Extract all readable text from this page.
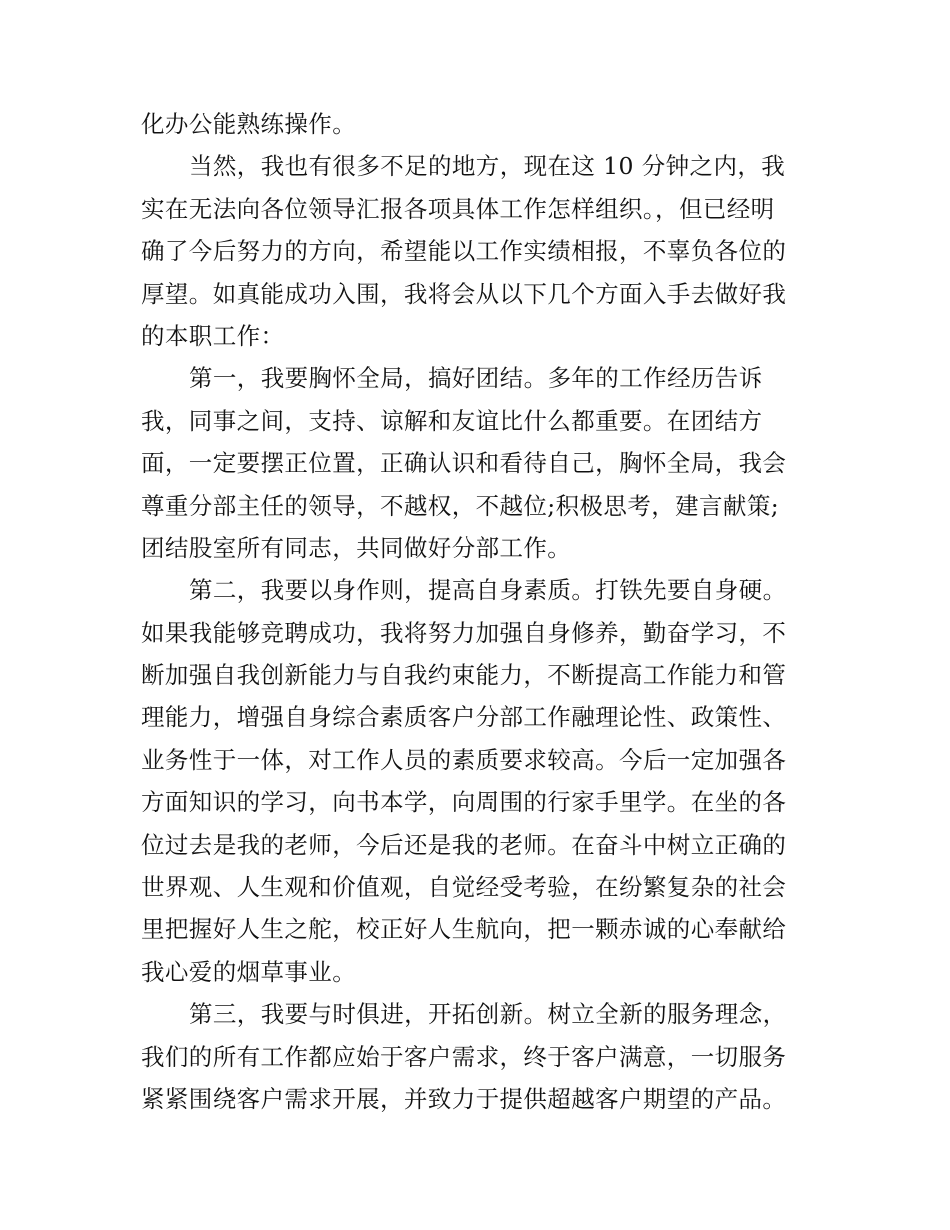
化办公能熟练操作。
当然，我也有很多不足的地方，现在这 10 分钟之内，我
实在无法向各位领导汇报各项具体工作怎样组织。，但已经明
确了今后努力的方向，希望能以工作实绩相报，不辜负各位的
厚望。如真能成功入围，我将会从以下几个方面入手去做好我
的本职工作：
第一，我要胸怀全局，搞好团结。多年的工作经历告诉
我，同事之间，支持、谅解和友谊比什么都重要。在团结方
面，一定要摆正位置，正确认识和看待自己，胸怀全局，我会
尊重分部主任的领导，不越权，不越位;积极思考，建言献策;
团结股室所有同志，共同做好分部工作。
第二，我要以身作则，提高自身素质。打铁先要自身硬。
如果我能够竞聘成功，我将努力加强自身修养，勤奋学习，不
断加强自我创新能力与自我约束能力，不断提高工作能力和管
理能力，增强自身综合素质客户分部工作融理论性、政策性、
业务性于一体，对工作人员的素质要求较高。今后一定加强各
方面知识的学习，向书本学，向周围的行家手里学。在坐的各
位过去是我的老师，今后还是我的老师。在奋斗中树立正确的
世界观、人生观和价值观，自觉经受考验，在纷繁复杂的社会
里把握好人生之舵，校正好人生航向，把一颗赤诚的心奉献给
我心爱的烟草事业。
第三，我要与时俱进，开拓创新。树立全新的服务理念，
我们的所有工作都应始于客户需求，终于客户满意，一切服务
紧紧围绕客户需求开展，并致力于提供超越客户期望的产品。
